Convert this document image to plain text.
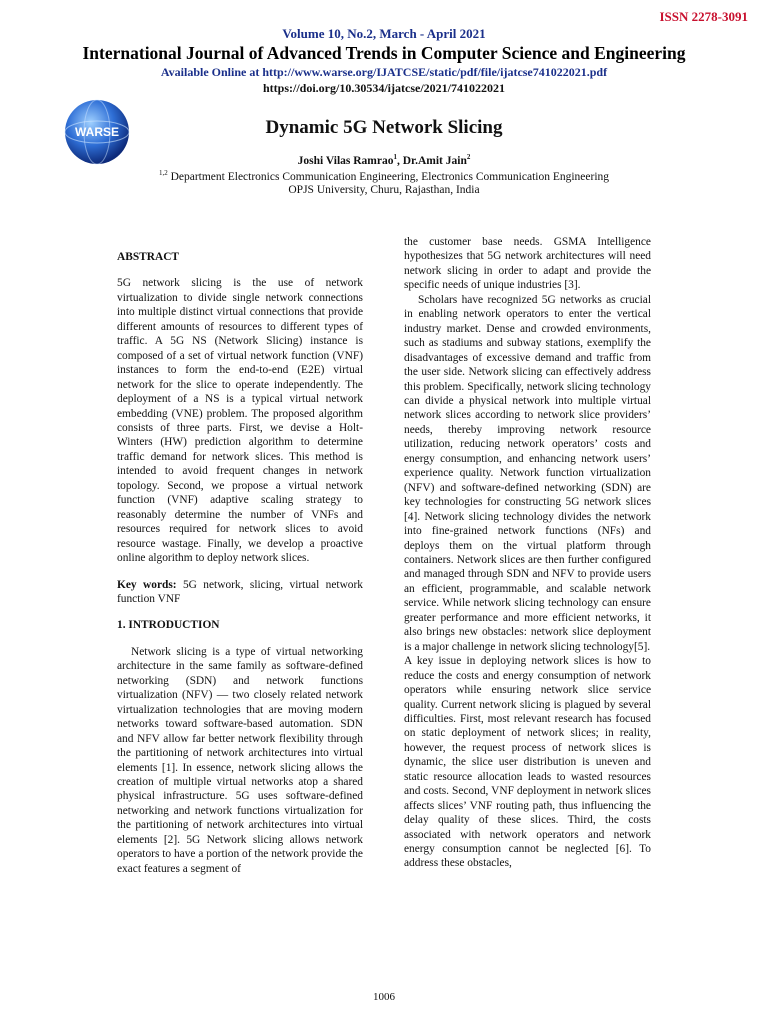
ISSN 2278-3091
Volume 10, No.2, March - April 2021
International Journal of Advanced Trends in Computer Science and Engineering
Available Online at http://www.warse.org/IJATCSE/static/pdf/file/ijatcse741022021.pdf
https://doi.org/10.30534/ijatcse/2021/741022021
WARSE	Dynamic 5G Network Slicing
Joshi Vilas Ramrao$^1$, Dr.Amit Jain$^2$
$^{1,2}$ Department Electronics Communication Engineering, Electronics Communication Engineering
OPJS University, Churu, Rajasthan, India

ABSTRACT

5G network slicing is the use of network virtualization to divide single network connections into multiple distinct virtual connections that provide different amounts of resources to different types of traffic. A 5G NS (Network Slicing) instance is composed of a set of virtual network function (VNF) instances to form the end-to-end (E2E) virtual network for the slice to operate independently. The deployment of a NS is a typical virtual network embedding (VNE) problem. The proposed algorithm consists of three parts. First, we devise a Holt-Winters (HW) prediction algorithm to determine traffic demand for network slices. This method is intended to avoid frequent changes in network topology. Second, we propose a virtual network function (VNF) adaptive scaling strategy to reasonably determine the number of VNFs and resources required for network slices to avoid resource wastage. Finally, we develop a proactive online algorithm to deploy network slices.

Key words: 5G network, slicing, virtual network function VNF

1. INTRODUCTION

Network slicing is a type of virtual networking architecture in the same family as software-defined networking (SDN) and network functions virtualization (NFV) — two closely related network virtualization technologies that are moving modern networks toward software-based automation. SDN and NFV allow far better network flexibility through the partitioning of network architectures into virtual elements [1]. In essence, network slicing allows the creation of multiple virtual networks atop a shared physical infrastructure. 5G uses software-defined networking and network functions virtualization for the partitioning of network architectures into virtual elements [2]. 5G Network slicing allows network operators to have a portion of the network provide the exact features a segment of

the customer base needs. GSMA Intelligence hypothesizes that 5G network architectures will need network slicing in order to adapt and provide the specific needs of unique industries [3].

Scholars have recognized 5G networks as crucial in enabling network operators to enter the vertical industry market. Dense and crowded environments, such as stadiums and subway stations, exemplify the disadvantages of excessive demand and traffic from the user side. Network slicing can effectively address this problem. Specifically, network slicing technology can divide a physical network into multiple virtual network slices according to network slice providers’ needs, thereby improving network resource utilization, reducing network operators’ costs and energy consumption, and enhancing network users’ experience quality. Network function virtualization (NFV) and software-defined networking (SDN) are key technologies for constructing 5G network slices [4]. Network slicing technology divides the network into fine-grained network functions (NFs) and deploys them on the virtual platform through containers. Network slices are then further configured and managed through SDN and NFV to provide users an efficient, programmable, and scalable network service. While network slicing technology can ensure greater performance and more efficient networks, it also brings new obstacles: network slice deployment is a major challenge in network slicing technology[5].

A key issue in deploying network slices is how to reduce the costs and energy consumption of network operators while ensuring network slice service quality. Current network slicing is plagued by several difficulties. First, most relevant research has focused on static deployment of network slices; in reality, however, the request process of network slices is dynamic, the slice user distribution is uneven and static resource allocation leads to wasted resources and costs. Second, VNF deployment in network slices affects slices’ VNF routing path, thus influencing the delay quality of these slices. Third, the costs associated with network operators and network energy consumption cannot be neglected [6]. To address these obstacles,

1006
